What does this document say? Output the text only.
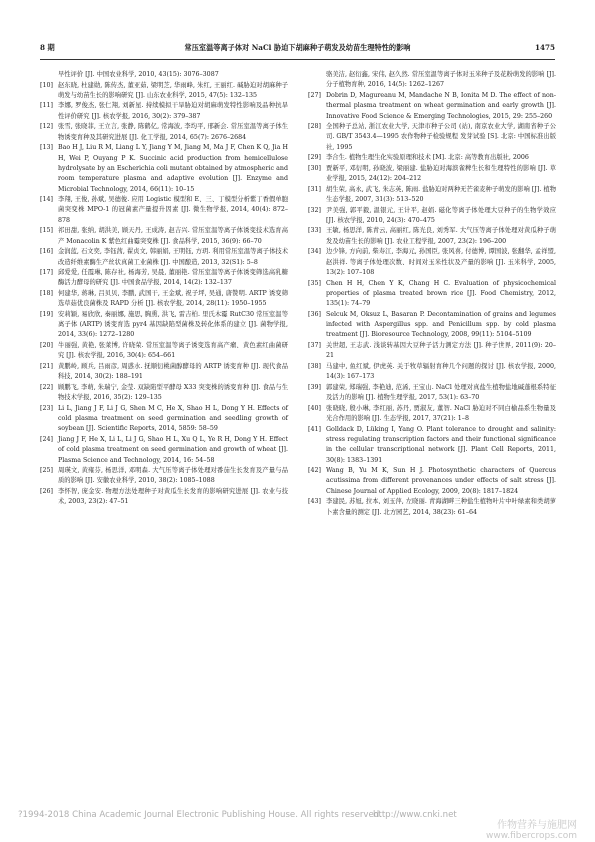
8 期	常压室温等离子体对 NaCl 胁迫下胡麻种子萌发及幼苗生理特性的影响	1475
早性评价 [J]. 中国农业科学, 2010, 43(15): 3076–3087
[10] 赵东晓, 杜建勋, 陈传杰, 董亚茹, 梁明芝, 华雨峰, 朱红, 王丽红. 碱胁迫对胡麻种子萌发与幼苗生长的影响研究 [J]. 山东农业科学, 2015, 47(5): 132–135
[11] 李娜, 罗俊杰, 张仁翔, 刘新星. 持续模拟干旱胁迫对胡麻萌发特性影响及品种抗旱性评价研究 [J]. 核农学报, 2016, 30(2): 379–387
[12] 张雪, 张晓菲, 王立言, 张静, 陈鹤亿, 常海波, 李均平, 邢新会. 常压室温等离子体生物诱变育种及其研究进展 [J]. 化工学报, 2014, 65(7): 2676–2684
[13] Bao H J, Liu R M, Liang L Y, Jiang Y M, Jiang M, Ma J F, Chen K Q, Jia H H, Wei P, Ouyang P K. Succinic acid production from hemicellulose hydrolysate by an Escherichia coli mutant obtained by atmospheric and room temperature plasma and adaptive evolution [J]. Enzyme and Microbial Technology, 2014, 66(11): 10–15
[14] 李翔, 王俊, 孙斌, 吴德俊. 应用 Logistic 模型和 E、三、丁模型分析紫丁香假单胞菌突变株 MPO-1 的冠菌素产量提升因素 [J]. 微生物学报, 2014, 40(4): 872–878
[15] 祁田甜, 张纳, 胡洪美, 顾天丹, 王成涛, 赵吉兴. 常压室温等离子体诱变技术选育高产 Monacolin K 紫色红曲霉突变株 [J]. 食品科学, 2015, 36(9): 66–70
[16] 金润蓝, 石文奕, 李钰茜, 翟贞文, 韩丽娟, 王明钰, 方玥. 利用常压室温等离子体技术改造纤维素酶生产丝状真菌工业菌株 [J]. 中国酿造, 2013, 32(S1): 5–8
[17] 邱爱爱, 任霞琳, 陈存社, 杨海芳, 吴晨, 董丽艳. 常压室温等离子体诱变筛选高乳糖酶活力酵母的研究 [J]. 中国食品学报, 2014, 14(2): 132–137
[18] 何建华, 蒋琳, 吕贝贝, 李鹏, 武国干, 王金斌, 祝子坪, 吴通, 唐赞明. ARTP 诱变筛选草菇优良菌株及 RAPD 分析 [J]. 核农学报, 2014, 28(11): 1950–1955
[19] 安莉颖, 易欣欣, 秦丽娜, 施思, 胸熏, 洪飞, 雷吉柏. 里氏木霉 RutC30 常压室温等离子体 (ARTP) 诱变育选 pyr4 基因缺陷型菌株及转化体系的建立 [J]. 菌物学报, 2014, 33(6): 1272–1280
[20] 牛丽强, 黄艳, 张莱博, 许晓荣. 常压室温等离子诱变选育高产瘤、黄色素红曲菌研究 [J]. 核农学报, 2016, 30(4): 654–661
[21] 黄鹏岭, 顾兵, 吕雨彦, 周惑水. 抚顺衍桃菌醇酵母的 ARTP 诱变育种 [J]. 现代食品科技, 2014, 30(2): 188–191
[22] 顾鹏飞, 李萌, 朱瑞宁, 金莹. 双缺陷型平酵母 X33 突变株的诱变育种 [J]. 食品与生物技术学报, 2016, 35(2): 129–135
[23] Li L, Jiang J F, Li J G, Shen M C, He X, Shao H L, Dong Y H. Effects of cold plasma treatment on seed germination and seedling growth of soybean [J]. Scientific Reports, 2014, 5859: 58–59
[24] Jiang J F, He X, Li L, Li J G, Shao H L, Xu Q L, Ye R H, Dong Y H. Effect of cold plasma treatment on seed germination and growth of wheat [J]. Plasma Science and Technology, 2014, 16: 54–58
[25] 周瑛文, 黄雍芬, 杨思洋, 邓明森. 大气压等离子体处理对番茄生长发育及产量与品质的影响 [J]. 安徽农业科学, 2010, 38(2): 1085–1088
[26] 李怀智, 庞金安. 物理方法处理种子对黄瓜生长发育的影响研究进展 [J]. 农业与技术, 2003, 23(2): 47–51
骆美洁, 赵衍鑫, 宋伟, 赵久然. 常压室温等离子体对玉米种子及花粉萌发的影响 [J]. 分子植物育种, 2016, 14(5): 1262–1267
[27] Dobrin D, Magureanu M, Mandache N B, Ionita M D. The effect of non-thermal plasma treatment on wheat germination and early growth [J]. Innovative Food Science & Emerging Technologies, 2015, 29: 255–260
[28] 全国种子总站, 浙江农业大学, 天津市种子公司 (站), 南京农业大学, 湖南省种子公司. GB/T 3543.4—1995 农作物种子检验规程 发芽试验 [S]. 北京: 中国标准出版社, 1995
[29] 李合生. 植物生理生化实验原理和技术 [M]. 北京: 高等教育出版社, 2006
[30] 贾新平, 邓衍明, 孙晓波, 梁丽建. 盐胁迫对海滨雀稗生长和生理特性的影响 [J]. 草业学报, 2015, 24(12): 204–212
[31] 胡生荣, 高永, 武飞, 朱志英, 陈雨. 盐胁迫对两种无芒雀麦种子萌发的影响 [J]. 植物生态学报, 2007, 31(3): 513–520
[32] 尹美强, 郭平毅, 温银元, 王计平, 赵娟. 磁化等离子体处理大豆种子的生物学效应 [J]. 核农学报, 2010, 24(3): 470–475
[33] 王敏, 杨思洋, 陈青云, 高丽红, 陈光良, 刘秀军. 大气压等离子体处理对黄瓜种子萌发及幼苗生长的影响 [J]. 农业工程学报, 2007, 23(2): 196–200
[34] 边少锋, 方向前, 柴寿江, 李海元, 孙国臣, 张风喜, 付德博, 谭国波, 张翻华, 孟祥盟, 赵洪祥. 等离子体处理次数、时间对玉米性状及产量的影响 [J]. 玉米科学, 2005, 13(2): 107–108
[35] Chen H H, Chen Y K, Chang H C. Evaluation of physicochemical properties of plasma treated brown rice [J]. Food Chemistry, 2012, 135(1): 74–79
[36] Selcuk M, Oksuz L, Basaran P. Decontamination of grains and legumes infected with Aspergillus spp. and Penicillum spp. by cold plasma treatment [J]. Bioresource Technology, 2008, 99(11): 5104–5109
[37] 关世超, 王志武. 浅谈转基因大豆种子活力测定方法 [J]. 种子世界, 2011(9): 20–21
[38] 马建中, 鱼红斌, 伊虎英. 关于牧草辐射育种几个问题的探讨 [J]. 核农学报, 2000, 14(3): 167–173
[39] 郭建荣, 郑瑞强, 李艳迪, 范浠, 王宝山. NaCl 处理对真盐生植物盐地碱蓬根系特征及活力的影响 [J]. 植物生理学报, 2017, 53(1): 63–70
[40] 张晓晓, 殷小琳, 李红丽, 苏丹, 贾淑友, 董智. NaCl 胁迫对不同白榆品系生物量及光合作用的影响 [J]. 生态学报, 2017, 37(21): 1–8
[41] Golldack D, Lüking I, Yang O. Plant tolerance to drought and salinity: stress regulating transcription factors and their functional significance in the cellular transcriptional network [J]. Plant Cell Reports, 2011, 30(8): 1383–1391
[42] Wang B, Yu M K, Sun H J. Photosynthetic characters of Quercus acutissima from different provenances under effects of salt stress [J]. Chinese Journal of Applied Ecology, 2009, 20(8): 1817–1824
[43] 李建民, 苏旭, 拉本, 刘玉萍, 左晓丽. 青海湖畔三种盐生植物叶片中叶绿素和类胡萝卜素含量的测定 [J]. 北方园艺, 2014, 38(23): 61–64
?1994-2018 China Academic Journal Electronic Publishing House. All rights reserved.
http://www.cnki.net
作物营养与施肥网
www.fibercrops.com
